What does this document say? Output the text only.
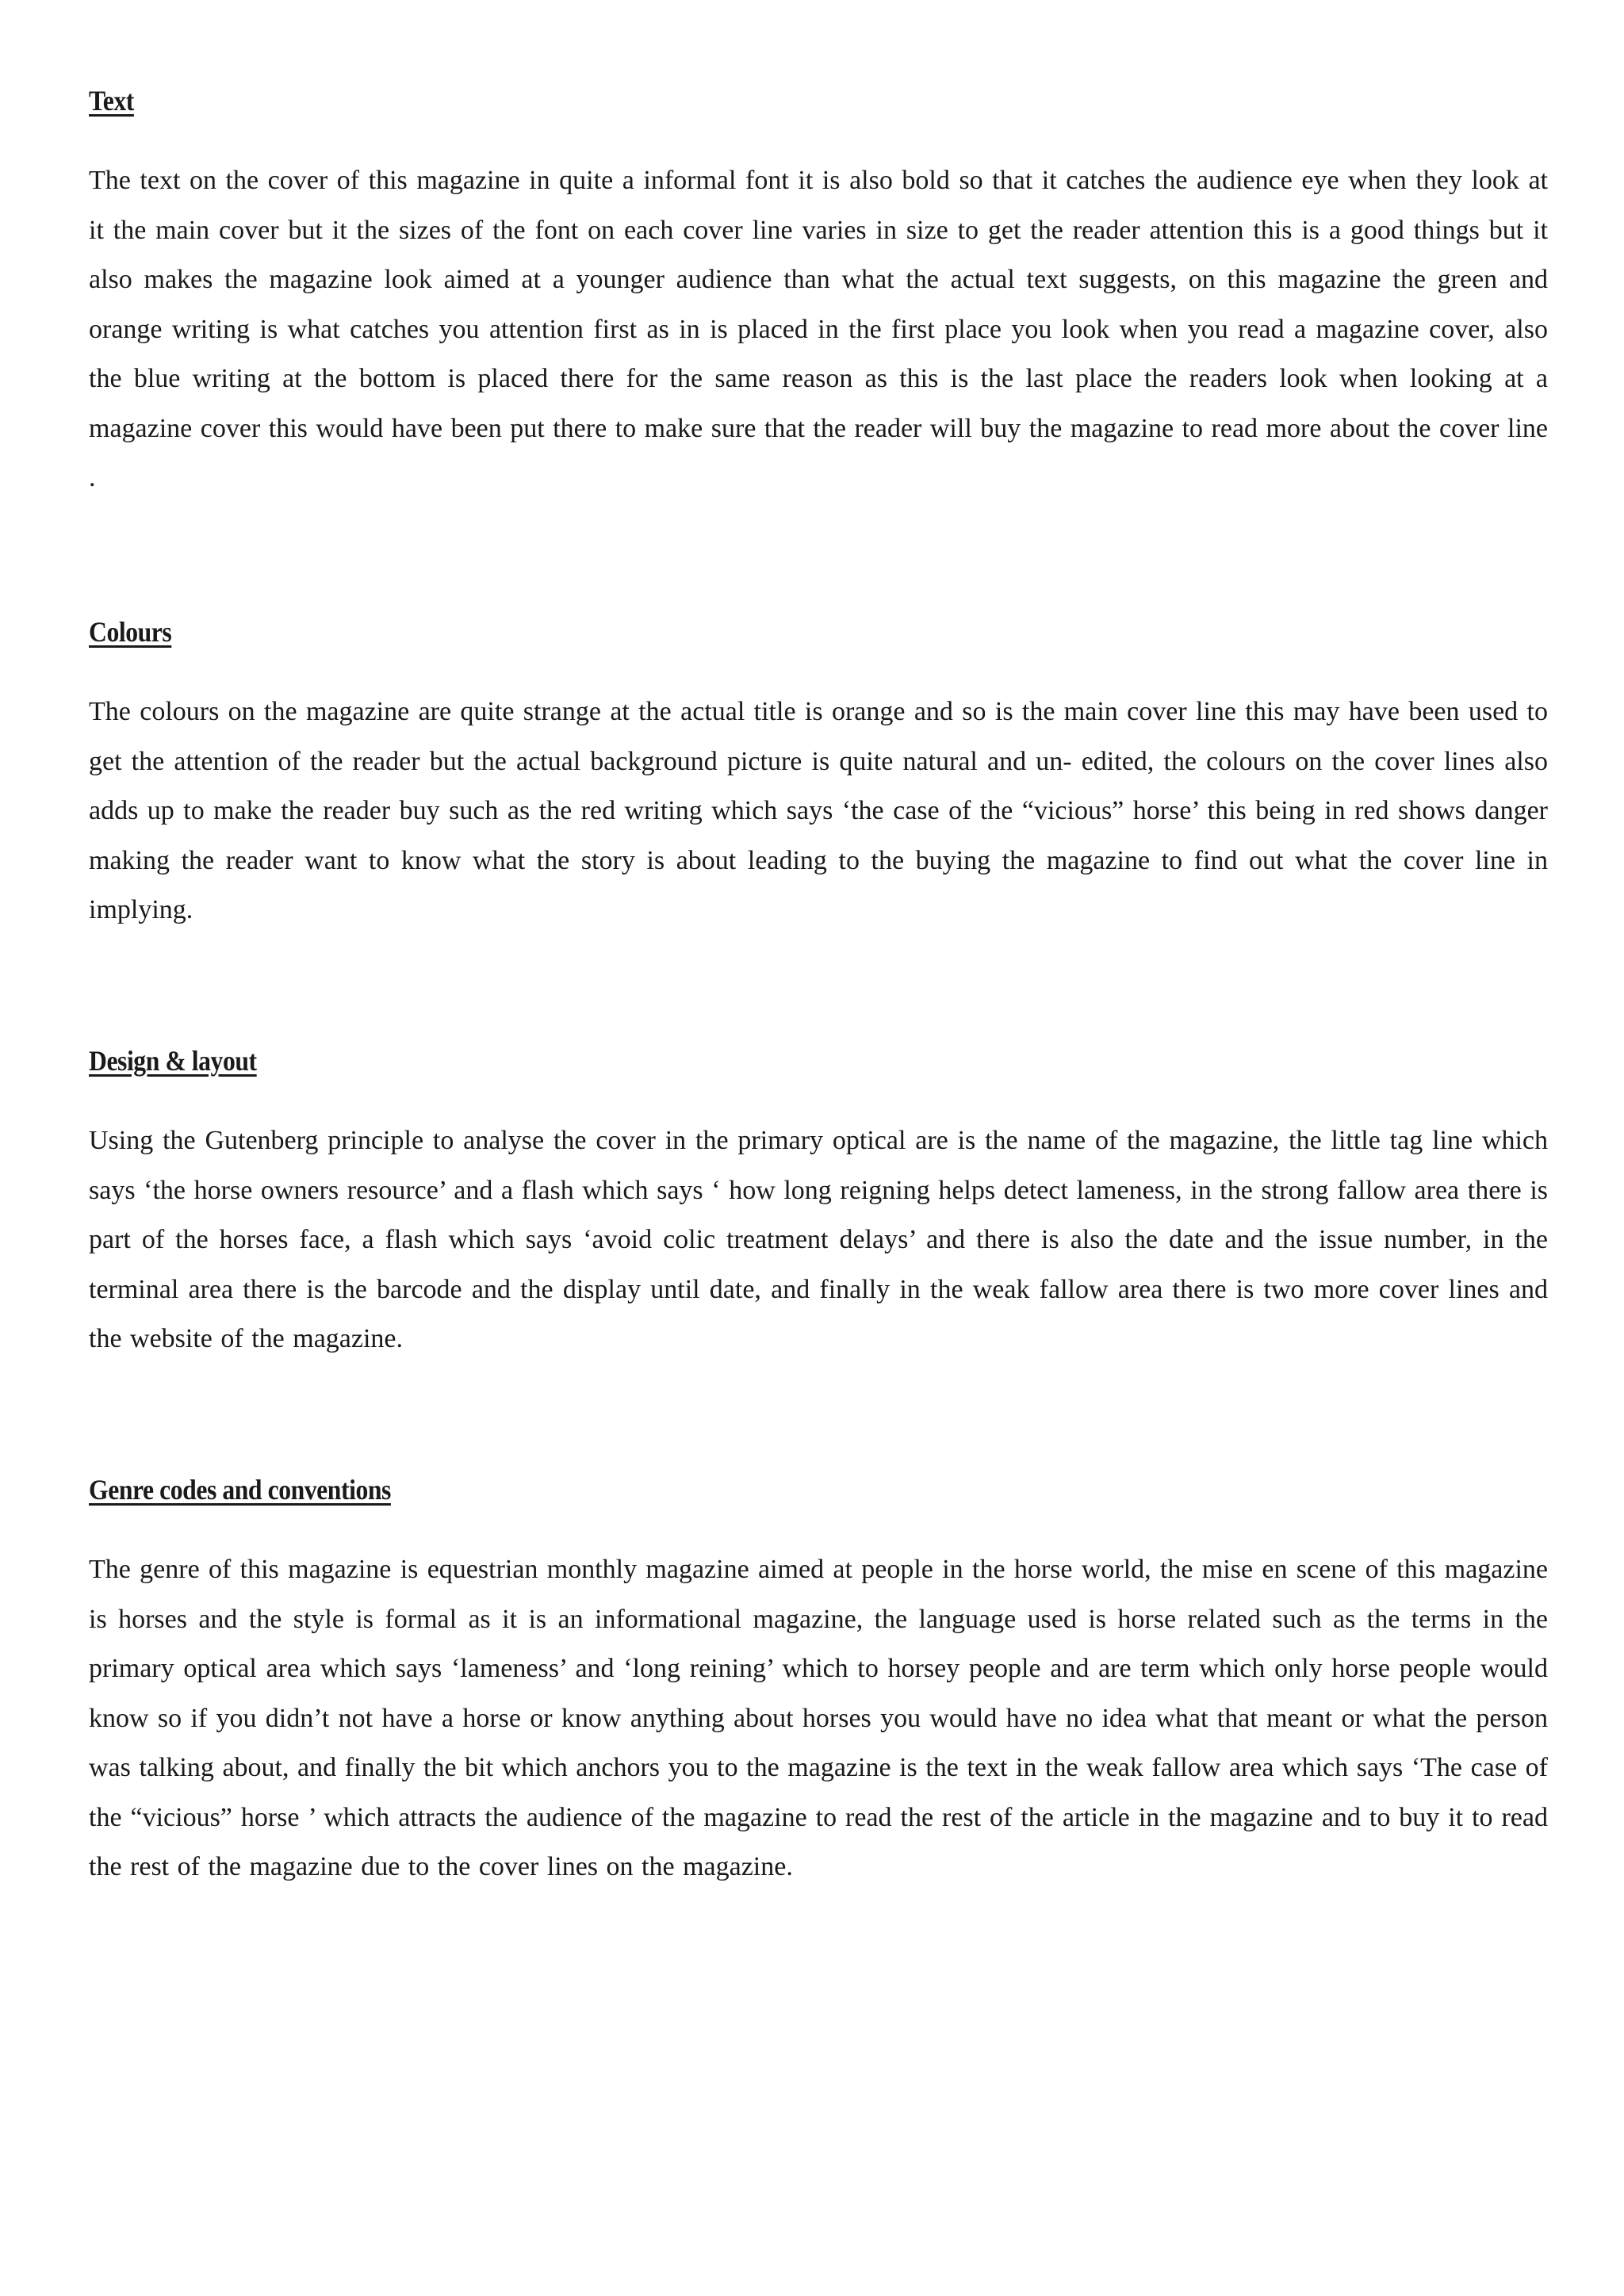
Text

The text on the cover of this magazine in quite a informal font it is also bold so that it catches the audience eye when they look at it the main cover but it the sizes of the font on each cover line varies in size to get the reader attention this is a good things but it also makes the magazine look aimed at a younger audience than what the actual text suggests, on this magazine the green and orange writing is what catches you attention first as in is placed in the first place you look when you read a magazine cover, also the blue writing at the bottom is placed there for the same reason as this is the last place the readers look when looking at a magazine cover this would have been put there to make sure that the reader will buy the magazine to read more about the cover line .

Colours

The colours on the magazine are quite strange at the actual title is orange and so is the main cover line this may have been used to get the attention of the reader but the actual background picture is quite natural and un- edited, the colours on the cover lines also adds up to make the reader buy such as the red writing which says ‘the case of the “vicious” horse’ this being in red shows danger making the reader want to know what the story is about leading to the buying the magazine to find out what the cover line in implying.

Design & layout

Using the Gutenberg principle to analyse the cover in the primary optical are is the name of the magazine, the little tag line which says ‘the horse owners resource’ and a flash which says ‘ how long reigning helps detect lameness, in the strong fallow area there is part of the horses face, a flash which says ‘avoid colic treatment delays’ and there is also the date and the issue number, in the terminal area there is the barcode and the display until date, and finally in the weak fallow area there is two more cover lines and the website of the magazine.

Genre codes and conventions

The genre of this magazine is equestrian monthly magazine aimed at people in the horse world, the mise en scene of this magazine is horses and the style is formal as it is an informational magazine, the language used is horse related such as the terms in the primary optical area which says ‘lameness’ and ‘long reining’ which to horsey people and are term which only horse people would know so if you didn’t not have a horse or know anything about horses you would have no idea what that meant or what the person was talking about, and finally the bit which anchors you to the magazine is the text in the weak fallow area which says ‘The case of the “vicious” horse ’ which attracts the audience of the magazine to read the rest of the article in the magazine and to buy it to read the rest of the magazine due to the cover lines on the magazine.
